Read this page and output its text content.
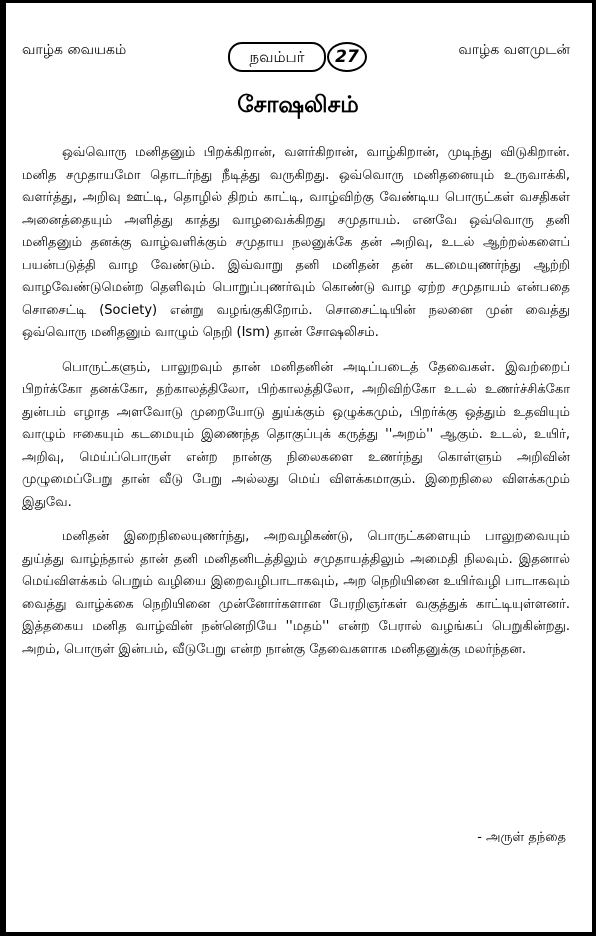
வாழ்க வையகம்	நவம்பர்	27	வாழ்க வளமுடன்
சோஷலிசம்

ஒவ்வொரு மனிதனும் பிறக்கிறான், வளர்கிறான், வாழ்கிறான், முடிந்து விடுகிறான். மனித சமுதாயமோ தொடர்ந்து நீடித்து வருகிறது. ஒவ்வொரு மனிதனையும் உருவாக்கி, வளர்த்து, அறிவு ஊட்டி, தொழில் திறம் காட்டி, வாழ்விற்கு வேண்டிய பொருட்கள் வசதிகள் அனைத்தையும் அளித்து காத்து வாழவைக்கிறது சமுதாயம். எனவே ஒவ்வொரு தனி மனிதனும் தனக்கு வாழ்வளிக்கும் சமுதாய நலனுக்கே தன் அறிவு, உடல் ஆற்றல்களைப் பயன்படுத்தி வாழ வேண்டும். இவ்வாறு தனி மனிதன் தன் கடமையுணர்ந்து ஆற்றி வாழவேண்டுமென்ற தெளிவும் பொறுப்புணர்வும் கொண்டு வாழ ஏற்ற சமுதாயம் என்பதை சொசைட்டி (Society) என்று வழங்குகிறோம். சொசைட்டியின் நலனை முன் வைத்து ஒவ்வொரு மனிதனும் வாழும் நெறி (Ism) தான் சோஷலிசம்.

பொருட்களும், பாலுறவும் தான் மனிதனின் அடிப்படைத் தேவைகள். இவற்றைப் பிறர்க்கோ தனக்கோ, தற்காலத்திலோ, பிற்காலத்திலோ, அறிவிற்கோ உடல் உணர்ச்சிக்கோ துன்பம் எழாத அளவோடு முறையோடு துய்க்கும் ஒழுக்கமும், பிறர்க்கு ஒத்தும் உதவியும் வாழும் ஈகையும் கடமையும் இணைந்த தொகுப்புக் கருத்து ''அறம்'' ஆகும். உடல், உயிர், அறிவு, மெய்ப்பொருள் என்ற நான்கு நிலைகளை உணர்ந்து கொள்ளும் அறிவின் முழுமைப்பேறு தான் வீடு பேறு அல்லது மெய் விளக்கமாகும். இறைநிலை விளக்கமும் இதுவே.

மனிதன் இறைநிலையுணர்ந்து, அறவழிகண்டு, பொருட்களையும் பாலுறவையும் துய்த்து வாழ்ந்தால் தான் தனி மனிதனிடத்திலும் சமுதாயத்திலும் அமைதி நிலவும். இதனால் மெய்விளக்கம் பெறும் வழியை இறைவழிபாடாகவும், அற நெறியினை உயிர்வழி பாடாகவும் வைத்து வாழ்க்கை நெறியினை முன்னோர்களான பேரறிஞர்கள் வகுத்துக் காட்டியுள்ளனர். இத்தகைய மனித வாழ்வின் நன்னெறியே ''மதம்'' என்ற பேரால் வழங்கப் பெறுகின்றது. அறம், பொருள் இன்பம், வீடுபேறு என்ற நான்கு தேவைகளாக மனிதனுக்கு மலர்ந்தன.

- அருள் தந்தை
